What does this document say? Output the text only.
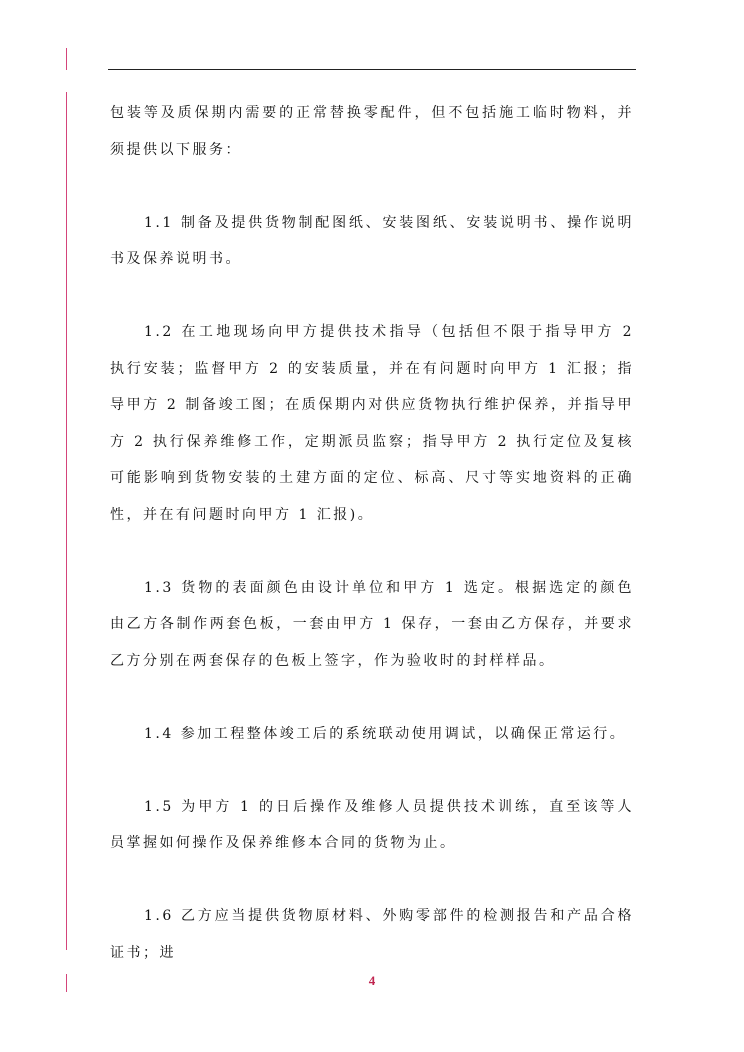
包装等及质保期内需要的正常替换零配件，但不包括施工临时物料，并须提供以下服务：

1.1 制备及提供货物制配图纸、安装图纸、安装说明书、操作说明书及保养说明书。

1.2 在工地现场向甲方提供技术指导（包括但不限于指导甲方 2 执行安装；监督甲方 2 的安装质量，并在有问题时向甲方 1 汇报；指导甲方 2 制备竣工图；在质保期内对供应货物执行维护保养，并指导甲方 2 执行保养维修工作，定期派员监察；指导甲方 2 执行定位及复核可能影响到货物安装的土建方面的定位、标高、尺寸等实地资料的正确性，并在有问题时向甲方 1 汇报)。

1.3 货物的表面颜色由设计单位和甲方 1 选定。根据选定的颜色由乙方各制作两套色板，一套由甲方 1 保存，一套由乙方保存，并要求乙方分别在两套保存的色板上签字，作为验收时的封样样品。

1.4 参加工程整体竣工后的系统联动使用调试，以确保正常运行。

1.5 为甲方 1 的日后操作及维修人员提供技术训练，直至该等人员掌握如何操作及保养维修本合同的货物为止。

1.6 乙方应当提供货物原材料、外购零部件的检测报告和产品合格证书；进

4
